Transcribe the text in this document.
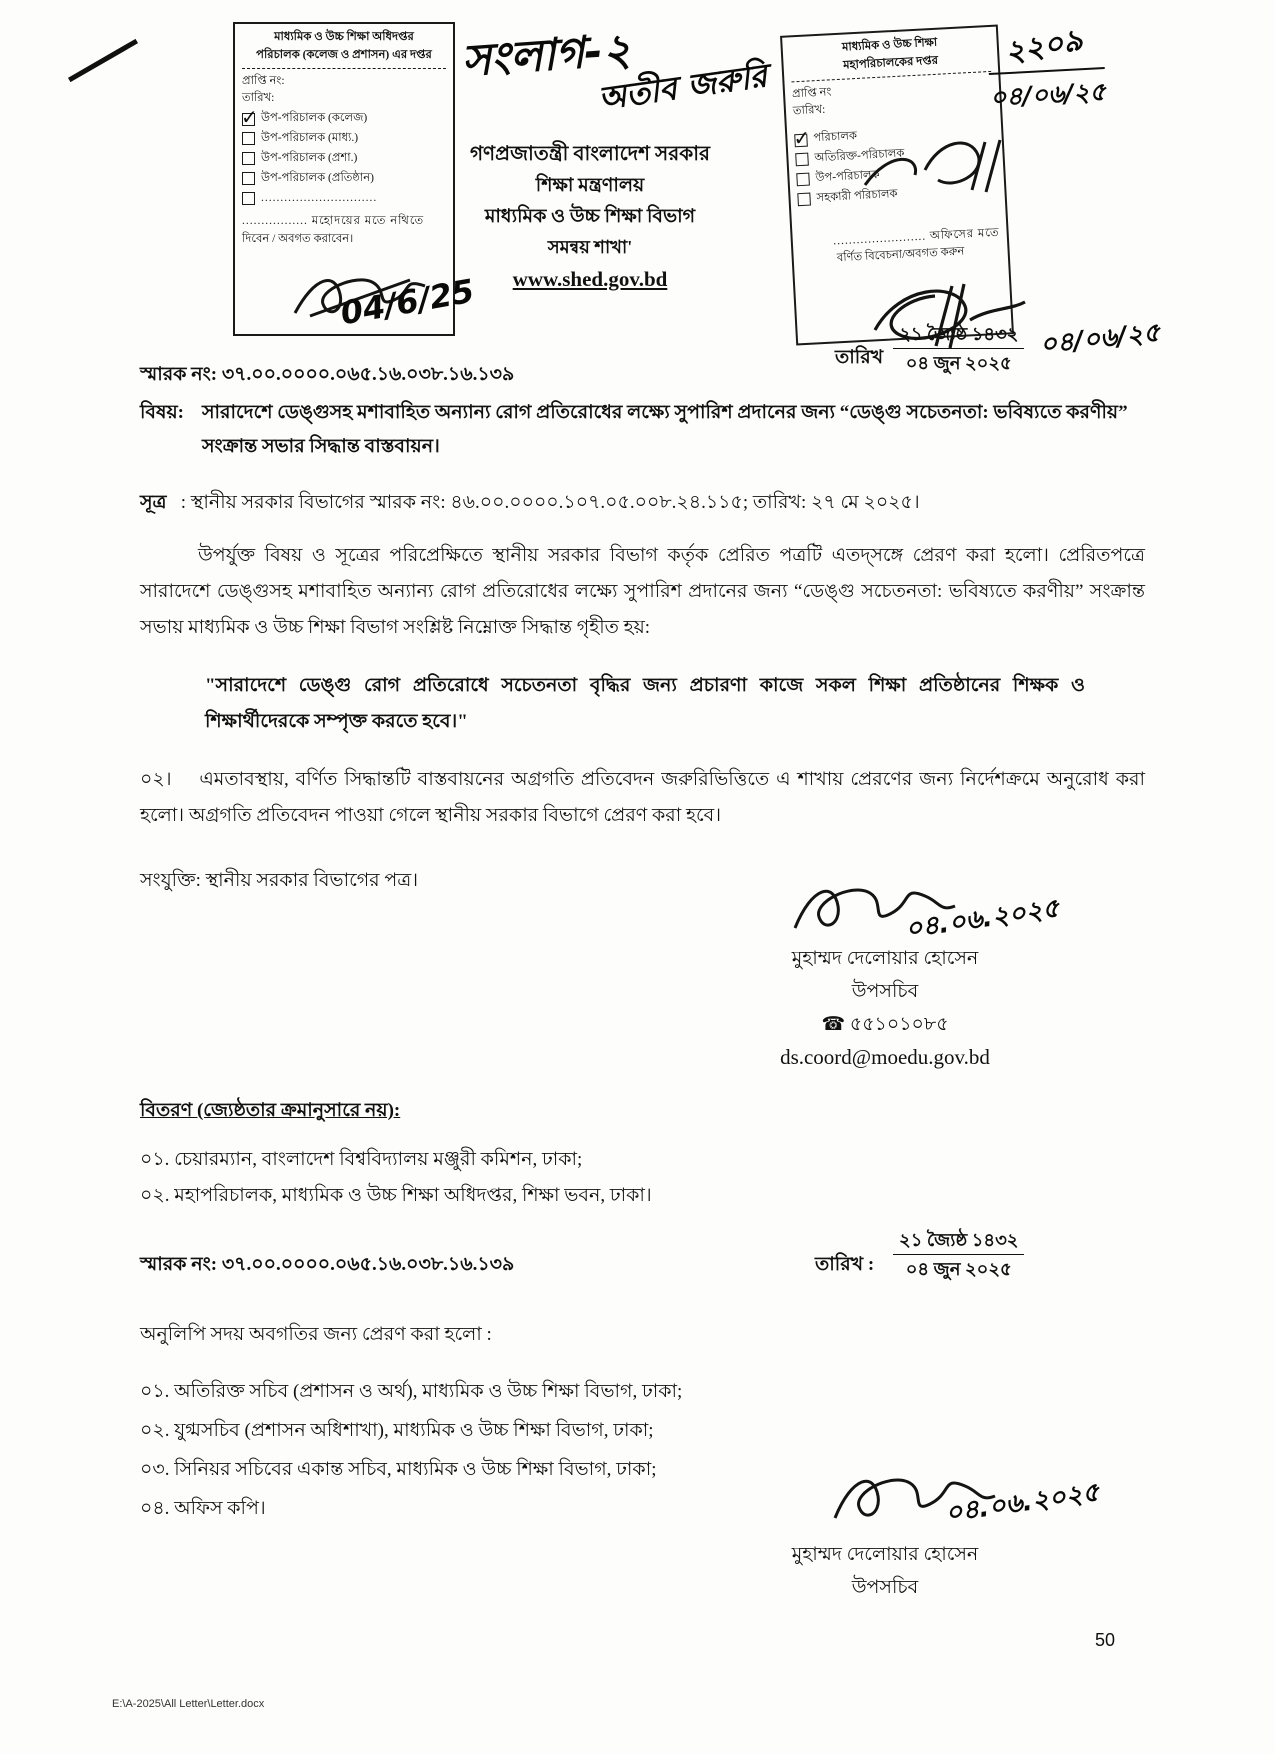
মাধ্যমিক ও উচ্চ শিক্ষা অধিদপ্তর
পরিচালক (কলেজ ও প্রশাসন) এর দপ্তর
প্রাপ্তি নং:
তারিখ:
✓ উপ-পরিচালক (কলেজ)
উপ-পরিচালক (মাধ্য.)
উপ-পরিচালক (প্রশা.)
উপ-পরিচালক (প্রতিষ্ঠান)
..............................
................. মহোদয়ের মতে নথিতে
দিবেন / অবগত করাবেন।
04/6/25
সংলাগ-২
অতীব জরুরি
গণপ্রজাতন্ত্রী বাংলাদেশ সরকার
শিক্ষা মন্ত্রণালয়
মাধ্যমিক ও উচ্চ শিক্ষা বিভাগ
সমন্বয় শাখা'
www.shed.gov.bd
মাধ্যমিক ও উচ্চ শিক্ষা
মহাপরিচালকের দপ্তর
প্রাপ্তি নং
তারিখ:
✓ পরিচালক
অতিরিক্ত-পরিচালক
উপ-পরিচালক
সহকারী পরিচালক
........................ অফিসের মতে
বর্ণিত বিবেচনা/অবগত করুন
২২০৯
০৪/০৬/২৫
স্মারক নং: ৩৭.০০.০০০০.০৬৫.১৬.০৩৮.১৬.১৩৯
তারিখ
২১ জ্যৈষ্ঠ ১৪৩২
০৪ জুন ২০২৫
০৪/০৬/২৫
বিষয়: সারাদেশে ডেঙ্গুসহ মশাবাহিত অন্যান্য রোগ প্রতিরোধের লক্ষ্যে সুপারিশ প্রদানের জন্য “ডেঙ্গু সচেতনতা: ভবিষ্যতে করণীয়” সংক্রান্ত সভার সিদ্ধান্ত বাস্তবায়ন।
সূত্র : স্থানীয় সরকার বিভাগের স্মারক নং: ৪৬.০০.০০০০.১০৭.০৫.০০৮.২৪.১১৫; তারিখ: ২৭ মে ২০২৫।
উপর্যুক্ত বিষয় ও সূত্রের পরিপ্রেক্ষিতে স্থানীয় সরকার বিভাগ কর্তৃক প্রেরিত পত্রটি এতদ্‌সঙ্গে প্রেরণ করা হলো। প্রেরিতপত্রে সারাদেশে ডেঙ্গুসহ মশাবাহিত অন্যান্য রোগ প্রতিরোধের লক্ষ্যে সুপারিশ প্রদানের জন্য “ডেঙ্গু সচেতনতা: ভবিষ্যতে করণীয়” সংক্রান্ত সভায় মাধ্যমিক ও উচ্চ শিক্ষা বিভাগ সংশ্লিষ্ট নিম্নোক্ত সিদ্ধান্ত গৃহীত হয়:
"সারাদেশে ডেঙ্গু রোগ প্রতিরোধে সচেতনতা বৃদ্ধির জন্য প্রচারণা কাজে সকল শিক্ষা প্রতিষ্ঠানের শিক্ষক ও শিক্ষার্থীদেরকে সম্পৃক্ত করতে হবে।"
০২। এমতাবস্থায়, বর্ণিত সিদ্ধান্তটি বাস্তবায়নের অগ্রগতি প্রতিবেদন জরুরিভিত্তিতে এ শাখায় প্রেরণের জন্য নির্দেশক্রমে অনুরোধ করা হলো। অগ্রগতি প্রতিবেদন পাওয়া গেলে স্থানীয় সরকার বিভাগে প্রেরণ করা হবে।
সংযুক্তি: স্থানীয় সরকার বিভাগের পত্র।
০৪.০৬.২০২৫
মুহাম্মদ দেলোয়ার হোসেন
উপসচিব
☎ ৫৫১০১০৮৫
ds.coord@moedu.gov.bd
বিতরণ (জ্যেষ্ঠতার ক্রমানুসারে নয়):
০১. চেয়ারম্যান, বাংলাদেশ বিশ্ববিদ্যালয় মঞ্জুরী কমিশন, ঢাকা;
০২. মহাপরিচালক, মাধ্যমিক ও উচ্চ শিক্ষা অধিদপ্তর, শিক্ষা ভবন, ঢাকা।
স্মারক নং: ৩৭.০০.০০০০.০৬৫.১৬.০৩৮.১৬.১৩৯	তারিখ :
২১ জ্যৈষ্ঠ ১৪৩২
০৪ জুন ২০২৫
অনুলিপি সদয় অবগতির জন্য প্রেরণ করা হলো :
০১. অতিরিক্ত সচিব (প্রশাসন ও অর্থ), মাধ্যমিক ও উচ্চ শিক্ষা বিভাগ, ঢাকা;
০২. যুগ্মসচিব (প্রশাসন অধিশাখা), মাধ্যমিক ও উচ্চ শিক্ষা বিভাগ, ঢাকা;
০৩. সিনিয়র সচিবের একান্ত সচিব, মাধ্যমিক ও উচ্চ শিক্ষা বিভাগ, ঢাকা;
০৪. অফিস কপি।	০৪.০৬.২০২৫
মুহাম্মদ দেলোয়ার হোসেন
উপসচিব
50
E:\A-2025\All Letter\Letter.docx
